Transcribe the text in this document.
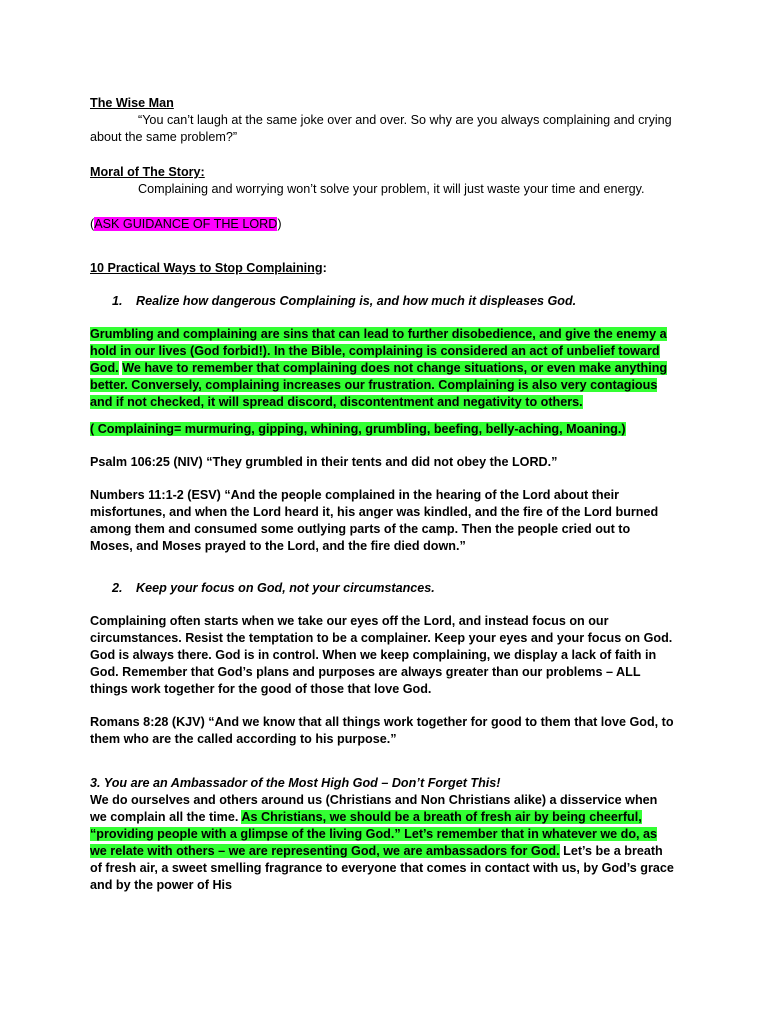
The Wise Man

“You can’t laugh at the same joke over and over. So why are you always complaining and crying about the same problem?”

Moral of The Story:

Complaining and worrying won’t solve your problem, it will just waste your time and energy.

(ASK GUIDANCE OF THE LORD)

10 Practical Ways to Stop Complaining:

1. Realize how dangerous Complaining is, and how much it displeases God.

Grumbling and complaining are sins that can lead to further disobedience, and give the enemy a hold in our lives (God forbid!). In the Bible, complaining is considered an act of unbelief toward God. We have to remember that complaining does not change situations, or even make anything better. Conversely, complaining increases our frustration. Complaining is also very contagious and if not checked, it will spread discord, discontentment and negativity to others.

( Complaining= murmuring, gipping, whining, grumbling, beefing, belly-aching, Moaning.)

Psalm 106:25 (NIV) “They grumbled in their tents and did not obey the LORD.”

Numbers 11:1-2 (ESV) “And the people complained in the hearing of the Lord about their misfortunes, and when the Lord heard it, his anger was kindled, and the fire of the Lord burned among them and consumed some outlying parts of the camp. Then the people cried out to Moses, and Moses prayed to the Lord, and the fire died down.”

2. Keep your focus on God, not your circumstances.

Complaining often starts when we take our eyes off the Lord, and instead focus on our circumstances. Resist the temptation to be a complainer. Keep your eyes and your focus on God. God is always there. God is in control. When we keep complaining, we display a lack of faith in God. Remember that God’s plans and purposes are always greater than our problems – ALL things work together for the good of those that love God.

Romans 8:28 (KJV) “And we know that all things work together for good to them that love God, to them who are the called according to his purpose.”

3. You are an Ambassador of the Most High God – Don’t Forget This!

We do ourselves and others around us (Christians and Non Christians alike) a disservice when we complain all the time. As Christians, we should be a breath of fresh air by being cheerful, “providing people with a glimpse of the living God.” Let’s remember that in whatever we do, as we relate with others – we are representing God, we are ambassadors for God. Let’s be a breath of fresh air, a sweet smelling fragrance to everyone that comes in contact with us, by God’s grace and by the power of His
